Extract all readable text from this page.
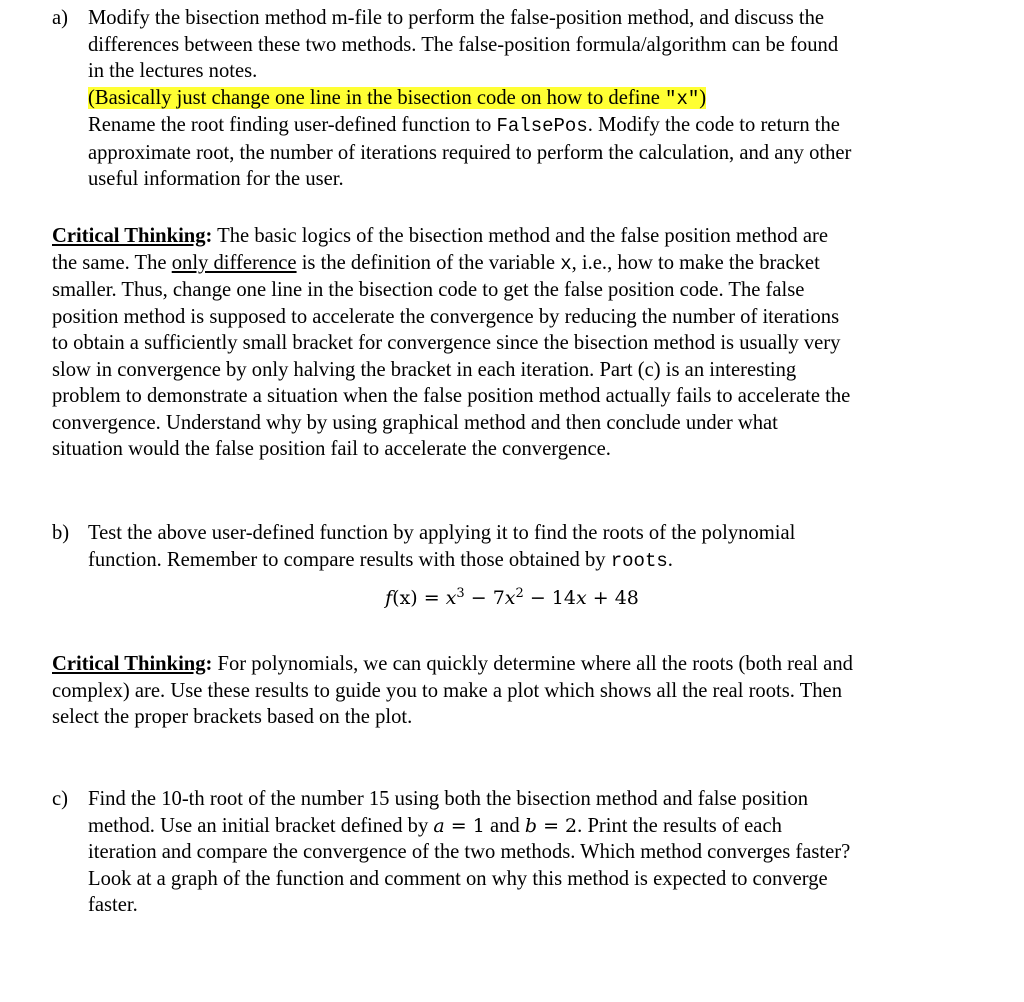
a) Modify the bisection method m-file to perform the false-position method, and discuss the
differences between these two methods. The false-position formula/algorithm can be found
in the lectures notes.
(Basically just change one line in the bisection code on how to define "x")
Rename the root finding user-defined function to FalsePos. Modify the code to return the
approximate root, the number of iterations required to perform the calculation, and any other
useful information for the user.
Critical Thinking: The basic logics of the bisection method and the false position method are
the same. The only difference is the definition of the variable x, i.e., how to make the bracket
smaller. Thus, change one line in the bisection code to get the false position code. The false
position method is supposed to accelerate the convergence by reducing the number of iterations
to obtain a sufficiently small bracket for convergence since the bisection method is usually very
slow in convergence by only halving the bracket in each iteration. Part (c) is an interesting
problem to demonstrate a situation when the false position method actually fails to accelerate the
convergence. Understand why by using graphical method and then conclude under what
situation would the false position fail to accelerate the convergence.
b) Test the above user-defined function by applying it to find the roots of the polynomial
function. Remember to compare results with those obtained by roots.
$f(x) = x^3 - 7x^2 - 14x + 48$
Critical Thinking: For polynomials, we can quickly determine where all the roots (both real and
complex) are. Use these results to guide you to make a plot which shows all the real roots. Then
select the proper brackets based on the plot.
c) Find the 10-th root of the number 15 using both the bisection method and false position
method. Use an initial bracket defined by a = 1 and b = 2. Print the results of each
iteration and compare the convergence of the two methods. Which method converges faster?
Look at a graph of the function and comment on why this method is expected to converge
faster.
